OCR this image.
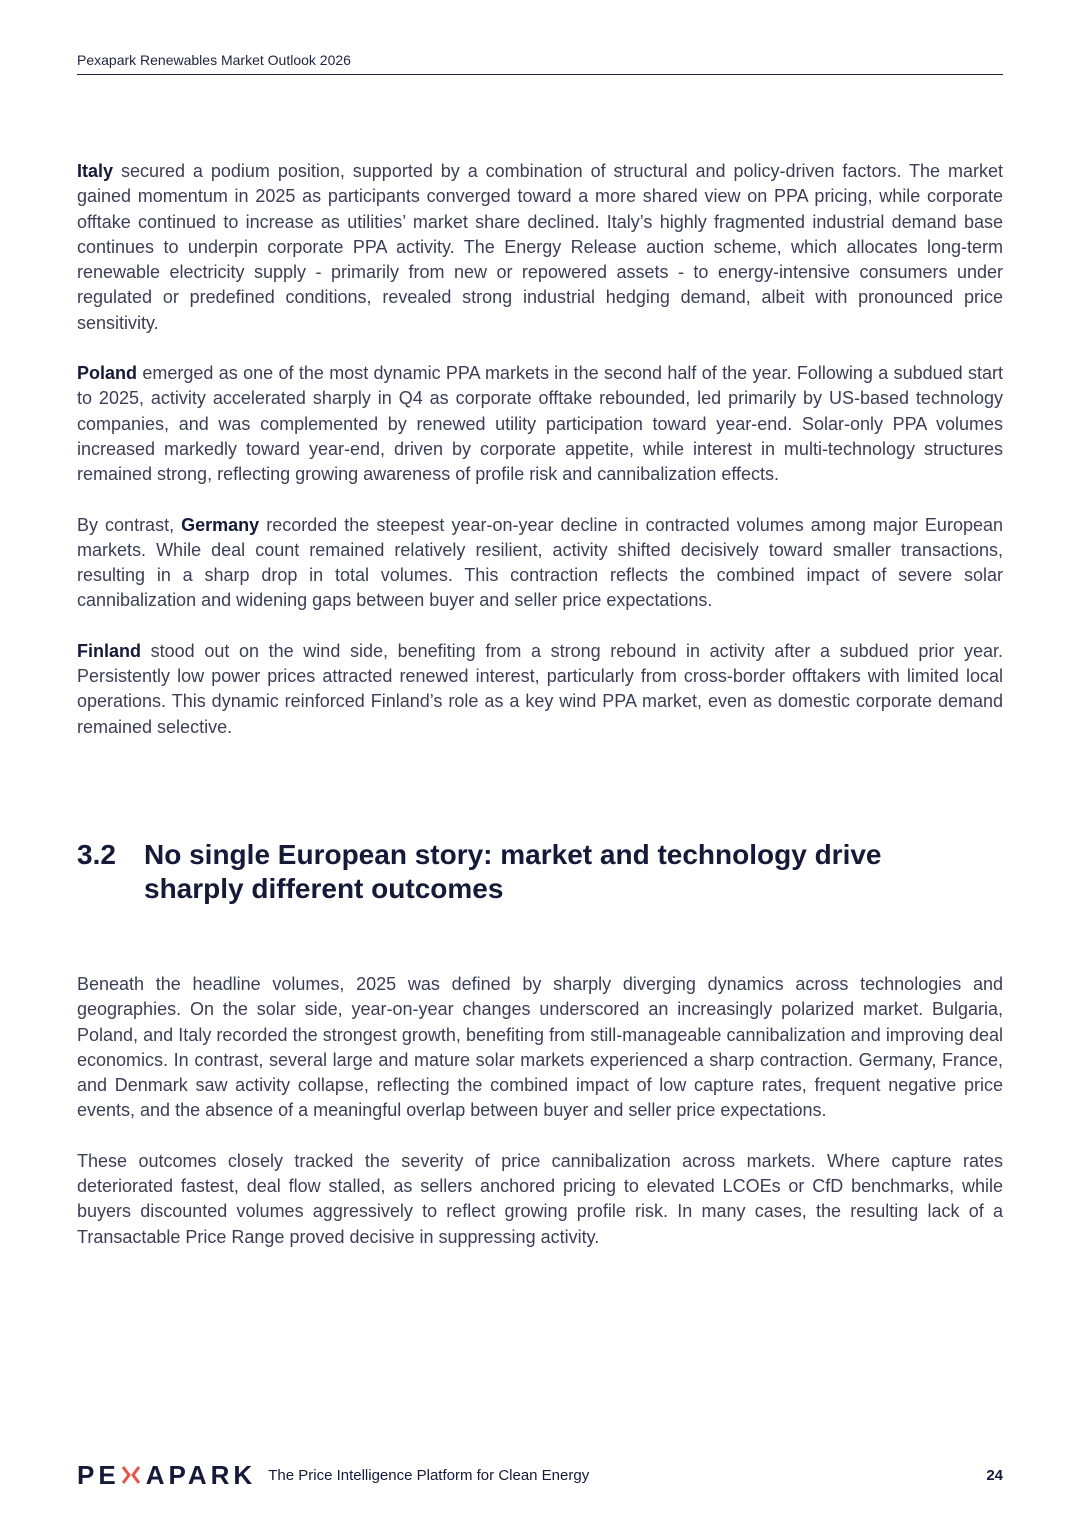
Pexapark Renewables Market Outlook 2026

Italy secured a podium position, supported by a combination of structural and policy-driven factors. The market gained momentum in 2025 as participants converged toward a more shared view on PPA pricing, while corporate offtake continued to increase as utilities’ market share declined. Italy’s highly fragmented industrial demand base continues to underpin corporate PPA activity. The Energy Release auction scheme, which allocates long-term renewable electricity supply - primarily from new or repowered assets - to energy-intensive consumers under regulated or predefined conditions, revealed strong industrial hedging demand, albeit with pronounced price sensitivity.

Poland emerged as one of the most dynamic PPA markets in the second half of the year. Following a subdued start to 2025, activity accelerated sharply in Q4 as corporate offtake rebounded, led primarily by US-based technology companies, and was complemented by renewed utility participation toward year-end. Solar-only PPA volumes increased markedly toward year-end, driven by corporate appetite, while interest in multi-technology structures remained strong, reflecting growing awareness of profile risk and cannibalization effects.

By contrast, Germany recorded the steepest year-on-year decline in contracted volumes among major European markets. While deal count remained relatively resilient, activity shifted decisively toward smaller transactions, resulting in a sharp drop in total volumes. This contraction reflects the combined impact of severe solar cannibalization and widening gaps between buyer and seller price expectations.

Finland stood out on the wind side, benefiting from a strong rebound in activity after a subdued prior year. Persistently low power prices attracted renewed interest, particularly from cross-border offtakers with limited local operations. This dynamic reinforced Finland’s role as a key wind PPA market, even as domestic corporate demand remained selective.

3.2	No single European story: market and technology drive sharply different outcomes

Beneath the headline volumes, 2025 was defined by sharply diverging dynamics across technologies and geographies. On the solar side, year-on-year changes underscored an increasingly polarized market. Bulgaria, Poland, and Italy recorded the strongest growth, benefiting from still-manageable cannibalization and improving deal economics. In contrast, several large and mature solar markets experienced a sharp contraction. Germany, France, and Denmark saw activity collapse, reflecting the combined impact of low capture rates, frequent negative price events, and the absence of a meaningful overlap between buyer and seller price expectations.

These outcomes closely tracked the severity of price cannibalization across markets. Where capture rates deteriorated fastest, deal flow stalled, as sellers anchored pricing to elevated LCOEs or CfD benchmarks, while buyers discounted volumes aggressively to reflect growing profile risk. In many cases, the resulting lack of a Transactable Price Range proved decisive in suppressing activity.

PE APARK The Price Intelligence Platform for Clean Energy	24
